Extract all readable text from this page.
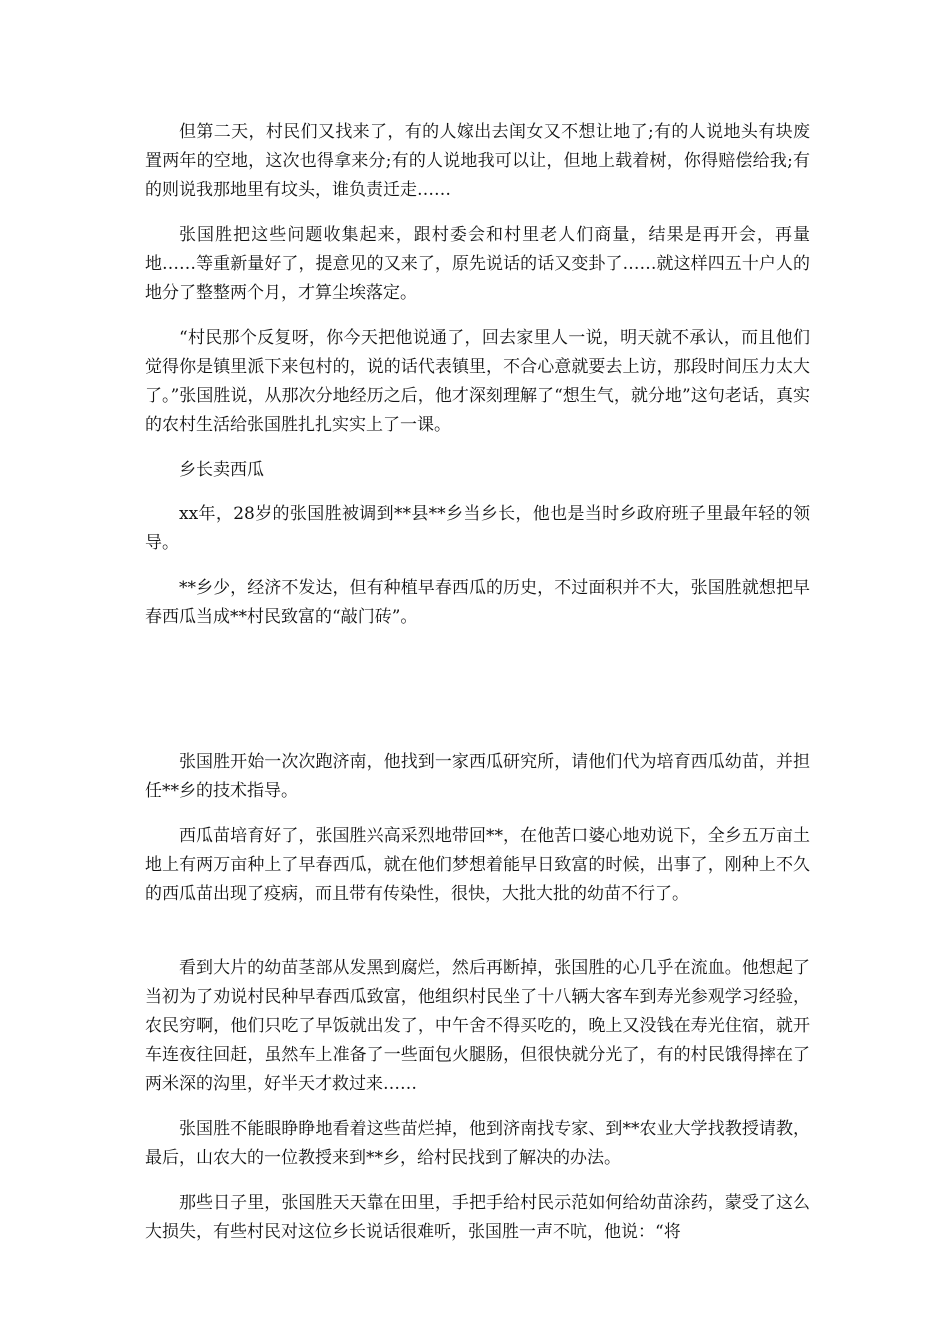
但第二天，村民们又找来了，有的人嫁出去闺女又不想让地了;有的人说地头有块废置两年的空地，这次也得拿来分;有的人说地我可以让，但地上载着树，你得赔偿给我;有的则说我那地里有坟头，谁负责迁走……

张国胜把这些问题收集起来，跟村委会和村里老人们商量，结果是再开会，再量地……等重新量好了，提意见的又来了，原先说话的话又变卦了……就这样四五十户人的地分了整整两个月，才算尘埃落定。

“村民那个反复呀，你今天把他说通了，回去家里人一说，明天就不承认，而且他们觉得你是镇里派下来包村的，说的话代表镇里，不合心意就要去上访，那段时间压力太大了。”张国胜说，从那次分地经历之后，他才深刻理解了“想生气，就分地”这句老话，真实的农村生活给张国胜扎扎实实上了一课。

乡长卖西瓜

xx年，28岁的张国胜被调到**县**乡当乡长，他也是当时乡政府班子里最年轻的领导。

**乡少，经济不发达，但有种植早春西瓜的历史，不过面积并不大，张国胜就想把早春西瓜当成**村民致富的“敲门砖”。

张国胜开始一次次跑济南，他找到一家西瓜研究所，请他们代为培育西瓜幼苗，并担任**乡的技术指导。

西瓜苗培育好了，张国胜兴高采烈地带回**，在他苦口婆心地劝说下，全乡五万亩土地上有两万亩种上了早春西瓜，就在他们梦想着能早日致富的时候，出事了，刚种上不久的西瓜苗出现了疫病，而且带有传染性，很快，大批大批的幼苗不行了。

看到大片的幼苗茎部从发黑到腐烂，然后再断掉，张国胜的心几乎在流血。他想起了当初为了劝说村民种早春西瓜致富，他组织村民坐了十八辆大客车到寿光参观学习经验，农民穷啊，他们只吃了早饭就出发了，中午舍不得买吃的，晚上又没钱在寿光住宿，就开车连夜往回赶，虽然车上准备了一些面包火腿肠，但很快就分光了，有的村民饿得摔在了两米深的沟里，好半天才救过来……

张国胜不能眼睁睁地看着这些苗烂掉，他到济南找专家、到**农业大学找教授请教，最后，山农大的一位教授来到**乡，给村民找到了解决的办法。

那些日子里，张国胜天天靠在田里，手把手给村民示范如何给幼苗涂药，蒙受了这么大损失，有些村民对这位乡长说话很难听，张国胜一声不吭，他说：“将
